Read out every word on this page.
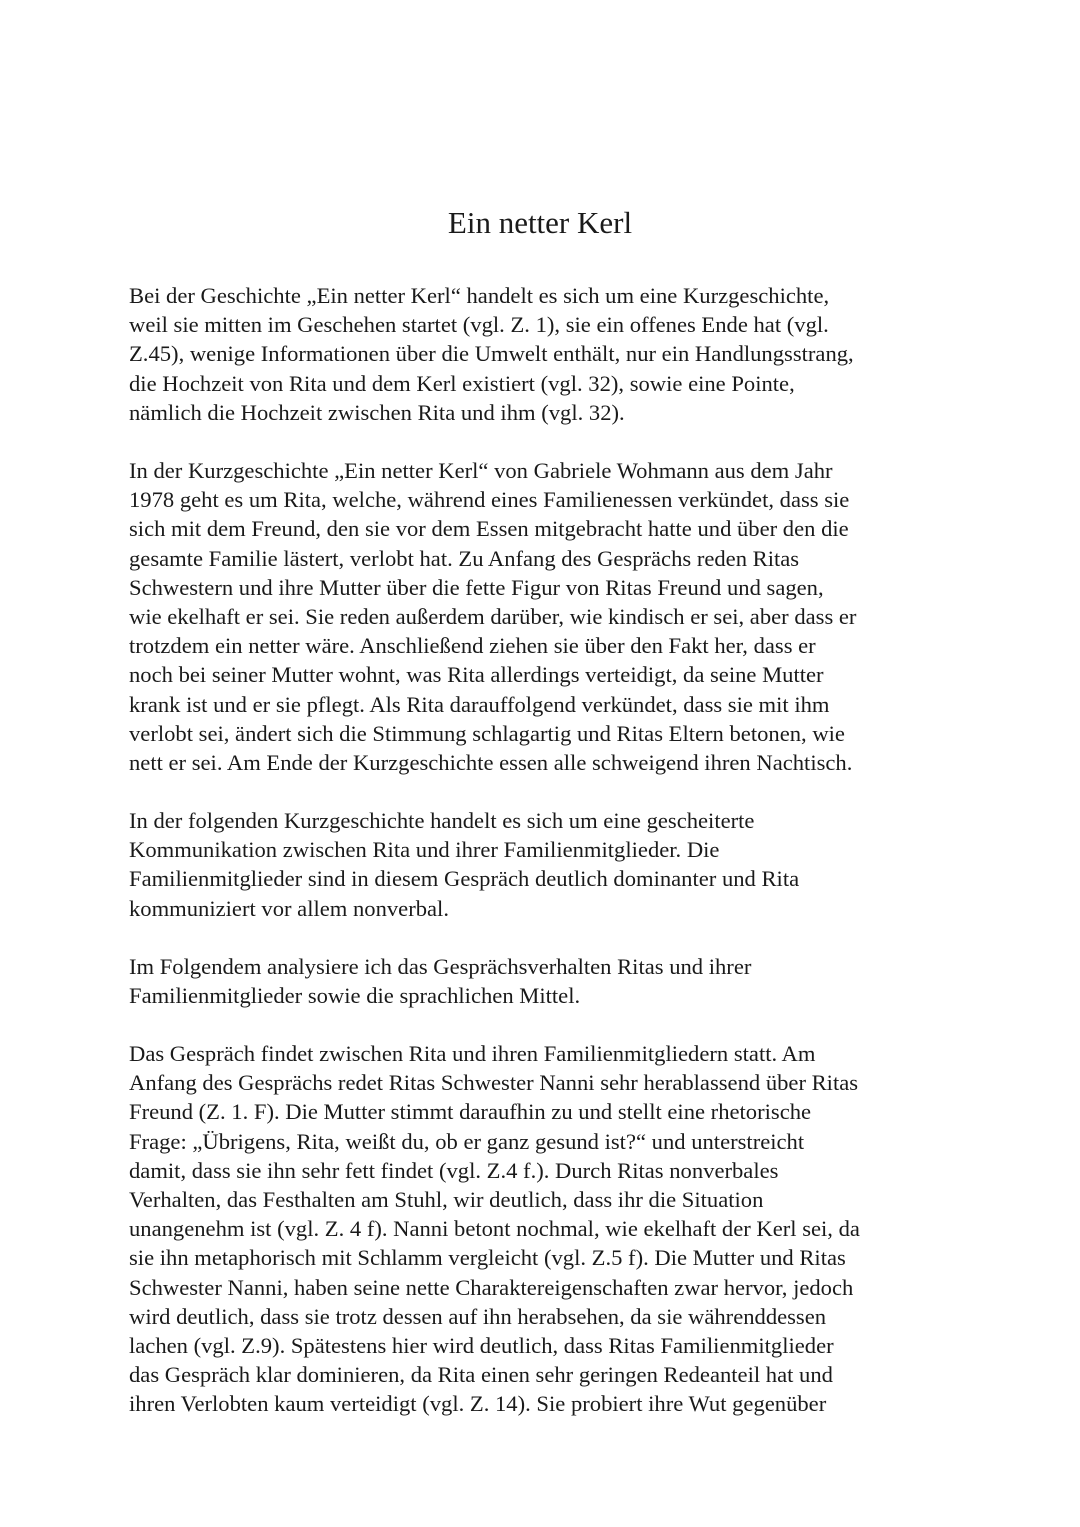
Ein netter Kerl
Bei der Geschichte „Ein netter Kerl“ handelt es sich um eine Kurzgeschichte,
weil sie mitten im Geschehen startet (vgl. Z. 1), sie ein offenes Ende hat (vgl.
Z.45), wenige Informationen über die Umwelt enthält, nur ein Handlungsstrang,
die Hochzeit von Rita und dem Kerl existiert (vgl. 32), sowie eine Pointe,
nämlich die Hochzeit zwischen Rita und ihm (vgl. 32).
In der Kurzgeschichte „Ein netter Kerl“ von Gabriele Wohmann aus dem Jahr
1978 geht es um Rita, welche, während eines Familienessen verkündet, dass sie
sich mit dem Freund, den sie vor dem Essen mitgebracht hatte und über den die
gesamte Familie lästert, verlobt hat. Zu Anfang des Gesprächs reden Ritas
Schwestern und ihre Mutter über die fette Figur von Ritas Freund und sagen,
wie ekelhaft er sei. Sie reden außerdem darüber, wie kindisch er sei, aber dass er
trotzdem ein netter wäre. Anschließend ziehen sie über den Fakt her, dass er
noch bei seiner Mutter wohnt, was Rita allerdings verteidigt, da seine Mutter
krank ist und er sie pflegt. Als Rita darauffolgend verkündet, dass sie mit ihm
verlobt sei, ändert sich die Stimmung schlagartig und Ritas Eltern betonen, wie
nett er sei. Am Ende der Kurzgeschichte essen alle schweigend ihren Nachtisch.
In der folgenden Kurzgeschichte handelt es sich um eine gescheiterte
Kommunikation zwischen Rita und ihrer Familienmitglieder. Die
Familienmitglieder sind in diesem Gespräch deutlich dominanter und Rita
kommuniziert vor allem nonverbal.
Im Folgendem analysiere ich das Gesprächsverhalten Ritas und ihrer
Familienmitglieder sowie die sprachlichen Mittel.
Das Gespräch findet zwischen Rita und ihren Familienmitgliedern statt. Am
Anfang des Gesprächs redet Ritas Schwester Nanni sehr herablassend über Ritas
Freund (Z. 1. F). Die Mutter stimmt daraufhin zu und stellt eine rhetorische
Frage: „Übrigens, Rita, weißt du, ob er ganz gesund ist?“ und unterstreicht
damit, dass sie ihn sehr fett findet (vgl. Z.4 f.). Durch Ritas nonverbales
Verhalten, das Festhalten am Stuhl, wir deutlich, dass ihr die Situation
unangenehm ist (vgl. Z. 4 f). Nanni betont nochmal, wie ekelhaft der Kerl sei, da
sie ihn metaphorisch mit Schlamm vergleicht (vgl. Z.5 f). Die Mutter und Ritas
Schwester Nanni, haben seine nette Charaktereigenschaften zwar hervor, jedoch
wird deutlich, dass sie trotz dessen auf ihn herabsehen, da sie währenddessen
lachen (vgl. Z.9). Spätestens hier wird deutlich, dass Ritas Familienmitglieder
das Gespräch klar dominieren, da Rita einen sehr geringen Redeanteil hat und
ihren Verlobten kaum verteidigt (vgl. Z. 14). Sie probiert ihre Wut gegenüber
